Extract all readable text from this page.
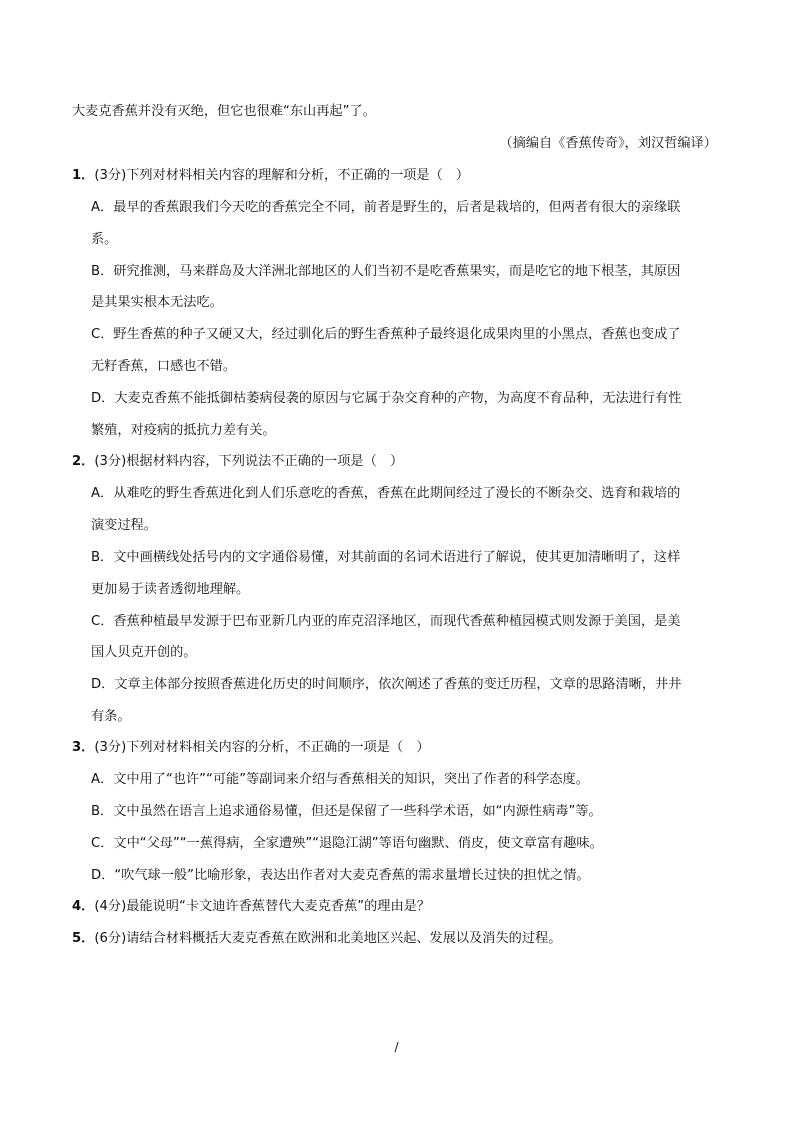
大麦克香蕉并没有灭绝，但它也很难“东山再起”了。
（摘编自《香蕉传奇》，刘汉哲编译）
1．(3分)下列对材料相关内容的理解和分析，不正确的一项是（　）
A．最早的香蕉跟我们今天吃的香蕉完全不同，前者是野生的，后者是栽培的，但两者有很大的亲缘联
系。
B．研究推测，马来群岛及大洋洲北部地区的人们当初不是吃香蕉果实，而是吃它的地下根茎，其原因
是其果实根本无法吃。
C．野生香蕉的种子又硬又大，经过驯化后的野生香蕉种子最终退化成果肉里的小黑点，香蕉也变成了
无籽香蕉，口感也不错。
D．大麦克香蕉不能抵御枯萎病侵袭的原因与它属于杂交育种的产物，为高度不育品种，无法进行有性
繁殖，对疫病的抵抗力差有关。
2．(3分)根据材料内容，下列说法不正确的一项是（　）
A．从难吃的野生香蕉进化到人们乐意吃的香蕉，香蕉在此期间经过了漫长的不断杂交、选育和栽培的
演变过程。
B．文中画横线处括号内的文字通俗易懂，对其前面的名词术语进行了解说，使其更加清晰明了，这样
更加易于读者透彻地理解。
C．香蕉种植最早发源于巴布亚新几内亚的库克沼泽地区，而现代香蕉种植园模式则发源于美国，是美
国人贝克开创的。
D．文章主体部分按照香蕉进化历史的时间顺序，依次阐述了香蕉的变迁历程，文章的思路清晰，井井
有条。
3．(3分)下列对材料相关内容的分析，不正确的一项是（　）
A．文中用了“也许”“可能”等副词来介绍与香蕉相关的知识，突出了作者的科学态度。
B．文中虽然在语言上追求通俗易懂，但还是保留了一些科学术语，如“内源性病毒”等。
C．文中“父母”“一蕉得病，全家遭殃”“退隐江湖”等语句幽默、俏皮，使文章富有趣味。
D．“吹气球一般”比喻形象，表达出作者对大麦克香蕉的需求量增长过快的担忧之情。
4．(4分)最能说明“卡文迪许香蕉替代大麦克香蕉”的理由是？
5．(6分)请结合材料概括大麦克香蕉在欧洲和北美地区兴起、发展以及消失的过程。
/
